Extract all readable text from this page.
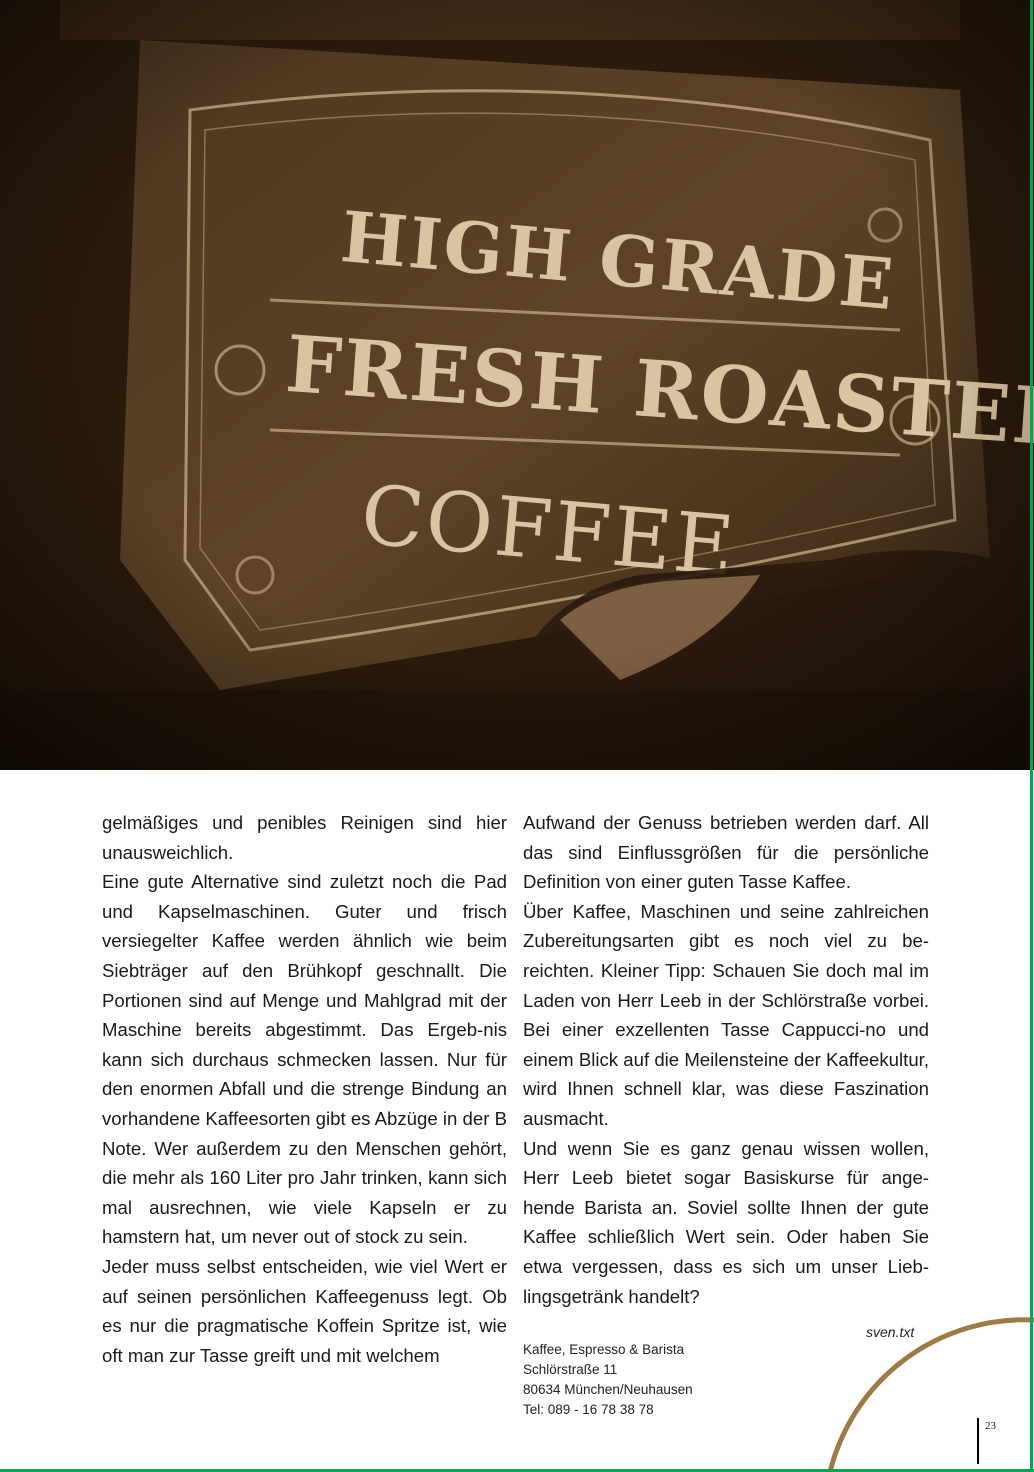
gelmäßiges und penibles Reinigen sind hier unausweichlich.

Eine gute Alternative sind zuletzt noch die Pad und Kapselmaschinen. Guter und frisch versiegelter Kaffee werden ähnlich wie beim Siebträger auf den Brühkopf geschnallt. Die Portionen sind auf Menge und Mahlgrad mit der Maschine bereits abgestimmt. Das Ergeb-nis kann sich durchaus schmecken lassen. Nur für den enormen Abfall und die strenge Bindung an vorhandene Kaffeesorten gibt es Abzüge in der B Note. Wer außerdem zu den Menschen gehört, die mehr als 160 Liter pro Jahr trinken, kann sich mal ausrechnen, wie viele Kapseln er zu hamstern hat, um never out of stock zu sein.

Jeder muss selbst entscheiden, wie viel Wert er auf seinen persönlichen Kaffeegenuss legt. Ob es nur die pragmatische Koffein Spritze ist, wie oft man zur Tasse greift und mit welchem

Aufwand der Genuss betrieben werden darf. All das sind Einflussgrößen für die persönliche Definition von einer guten Tasse Kaffee.

Über Kaffee, Maschinen und seine zahlreichen Zubereitungsarten gibt es noch viel zu be-reichten. Kleiner Tipp: Schauen Sie doch mal im Laden von Herr Leeb in der Schlörstraße vorbei. Bei einer exzellenten Tasse Cappucci-no und einem Blick auf die Meilensteine der Kaffeekultur, wird Ihnen schnell klar, was diese Faszination ausmacht.

Und wenn Sie es ganz genau wissen wollen, Herr Leeb bietet sogar Basiskurse für ange-hende Barista an. Soviel sollte Ihnen der gute Kaffee schließlich Wert sein. Oder haben Sie etwa vergessen, dass es sich um unser Lieb-lingsgetränk handelt?

sven.txt
Kaffee, Espresso & Barista
Schlörstraße 11
80634 München/Neuhausen
Tel: 089 - 16 78 38 78
23
